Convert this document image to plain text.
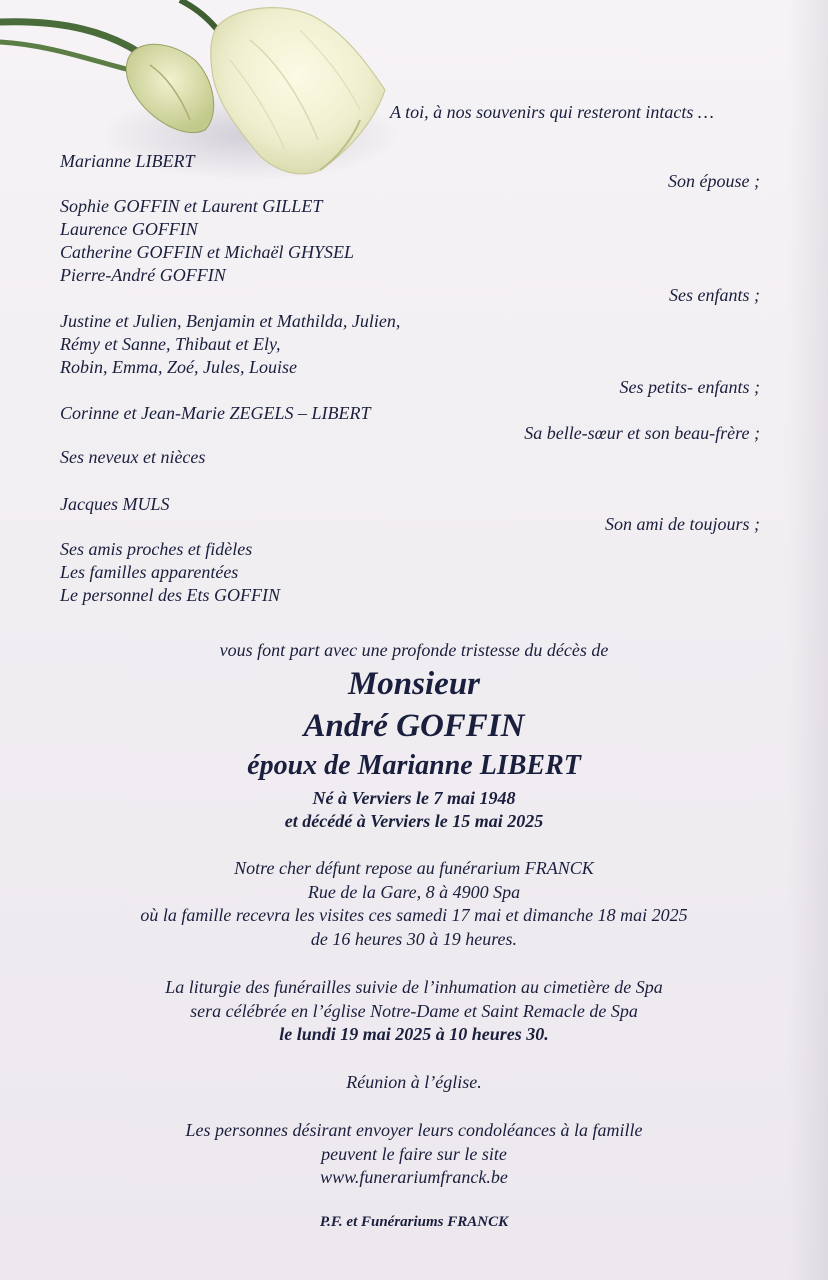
A toi, à nos souvenirs qui resteront intacts …
Marianne LIBERT
Son épouse ;
Sophie GOFFIN et Laurent GILLET
Laurence GOFFIN
Catherine GOFFIN et Michaël GHYSEL
Pierre-André GOFFIN
Ses enfants ;
Justine et Julien, Benjamin et Mathilda, Julien,
Rémy et Sanne, Thibaut et Ely,
Robin, Emma, Zoé, Jules, Louise
Ses petits- enfants ;
Corinne et Jean-Marie ZEGELS – LIBERT
Sa belle-sœur et son beau-frère ;
Ses neveux et nièces
Jacques MULS
Son ami de toujours ;
Ses amis proches et fidèles
Les familles apparentées
Le personnel des Ets GOFFIN
vous font part avec une profonde tristesse du décès de
Monsieur
André GOFFIN
époux de Marianne LIBERT
Né à Verviers le 7 mai 1948
et décédé à Verviers le 15 mai 2025
Notre cher défunt repose au funérarium FRANCK
Rue de la Gare, 8 à 4900 Spa
où la famille recevra les visites ces samedi 17 mai et dimanche 18 mai 2025
de 16 heures 30 à 19 heures.
La liturgie des funérailles suivie de l’inhumation au cimetière de Spa
sera célébrée en l’église Notre-Dame et Saint Remacle de Spa
le lundi 19 mai 2025 à 10 heures 30.
Réunion à l’église.
Les personnes désirant envoyer leurs condoléances à la famille
peuvent le faire sur le site
www.funerariumfranck.be
P.F. et Funérariums FRANCK
